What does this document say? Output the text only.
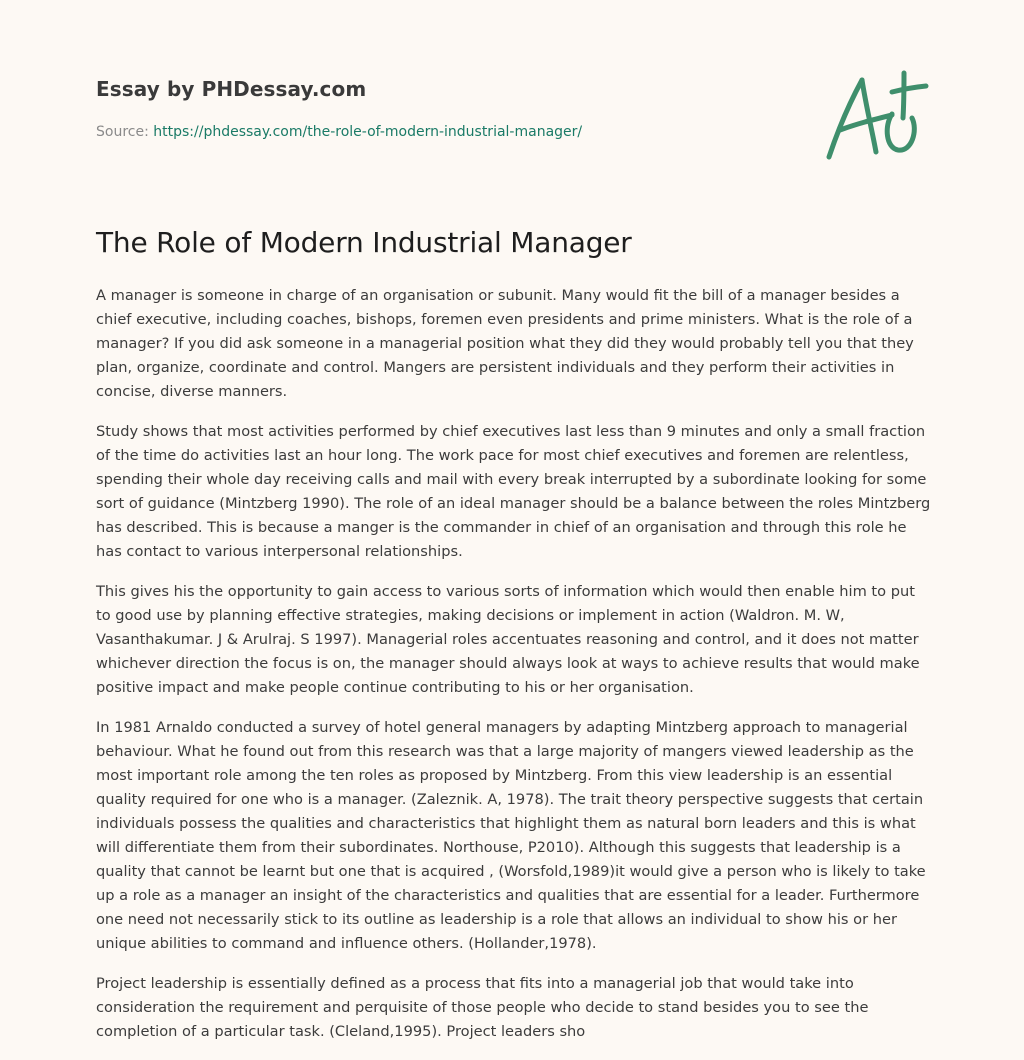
Essay by PHDessay.com
Source: https://phdessay.com/the-role-of-modern-industrial-manager/
The Role of Modern Industrial Manager

A manager is someone in charge of an organisation or subunit. Many would fit the bill of a manager besides a chief executive, including coaches, bishops, foremen even presidents and prime ministers. What is the role of a manager? If you did ask someone in a managerial position what they did they would probably tell you that they plan, organize, coordinate and control. Mangers are persistent individuals and they perform their activities in concise, diverse manners.

Study shows that most activities performed by chief executives last less than 9 minutes and only a small fraction of the time do activities last an hour long. The work pace for most chief executives and foremen are relentless, spending their whole day receiving calls and mail with every break interrupted by a subordinate looking for some sort of guidance (Mintzberg 1990). The role of an ideal manager should be a balance between the roles Mintzberg has described. This is because a manger is the commander in chief of an organisation and through this role he has contact to various interpersonal relationships.

This gives his the opportunity to gain access to various sorts of information which would then enable him to put to good use by planning effective strategies, making decisions or implement in action (Waldron. M. W, Vasanthakumar. J & Arulraj. S 1997). Managerial roles accentuates reasoning and control, and it does not matter whichever direction the focus is on, the manager should always look at ways to achieve results that would make positive impact and make people continue contributing to his or her organisation.

In 1981 Arnaldo conducted a survey of hotel general managers by adapting Mintzberg approach to managerial behaviour. What he found out from this research was that a large majority of mangers viewed leadership as the most important role among the ten roles as proposed by Mintzberg. From this view leadership is an essential quality required for one who is a manager. (Zaleznik. A, 1978). The trait theory perspective suggests that certain individuals possess the qualities and characteristics that highlight them as natural born leaders and this is what will differentiate them from their subordinates. Northouse, P2010). Although this suggests that leadership is a quality that cannot be learnt but one that is acquired , (Worsfold,1989)it would give a person who is likely to take up a role as a manager an insight of the characteristics and qualities that are essential for a leader. Furthermore one need not necessarily stick to its outline as leadership is a role that allows an individual to show his or her unique abilities to command and influence others. (Hollander,1978).

Project leadership is essentially defined as a process that fits into a managerial job that would take into consideration the requirement and perquisite of those people who decide to stand besides you to see the completion of a particular task. (Cleland,1995). Project leaders sho
